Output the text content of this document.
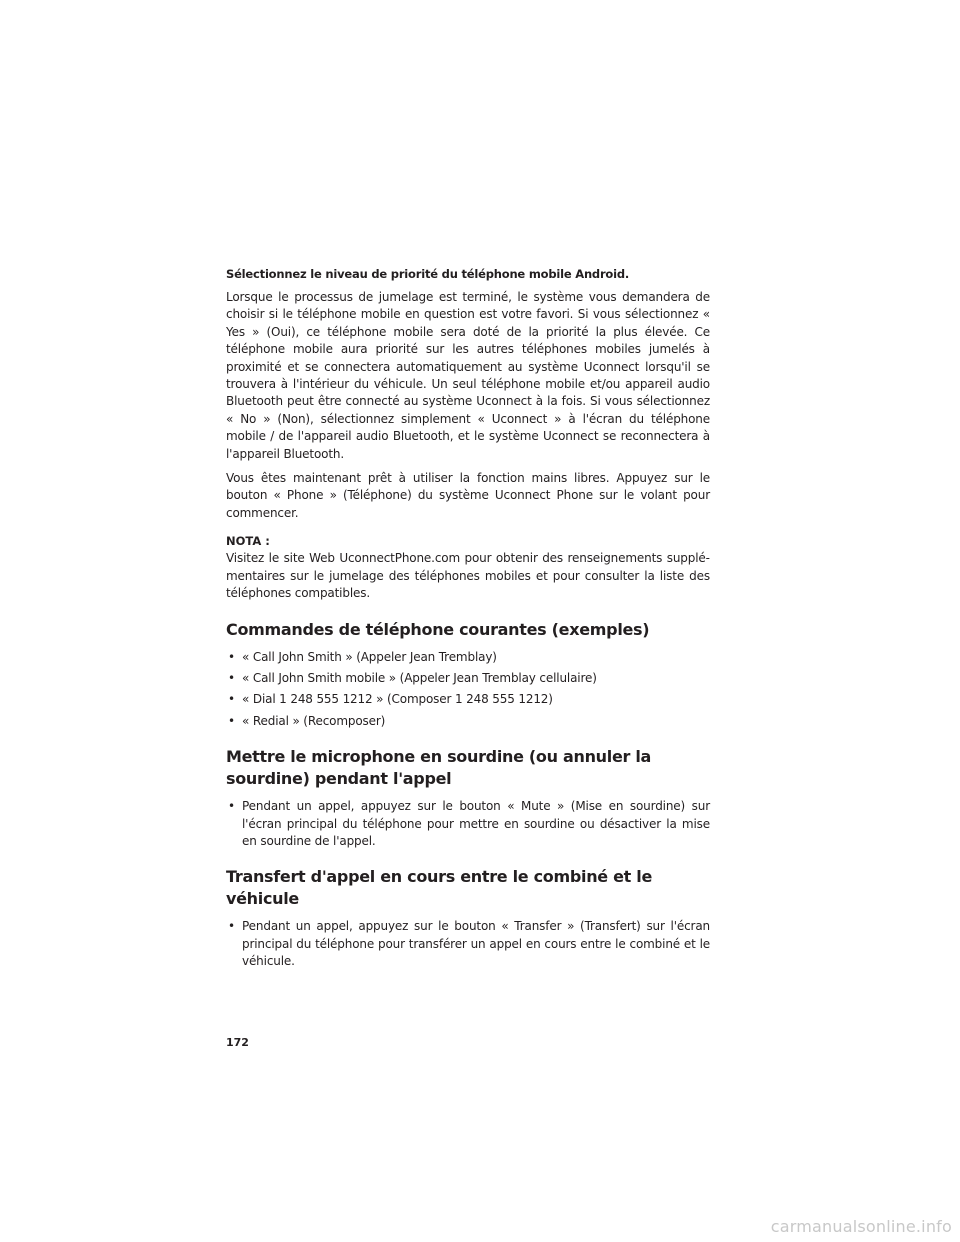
Sélectionnez le niveau de priorité du téléphone mobile Android.

Lorsque le processus de jumelage est terminé, le système vous demandera de choisir si le téléphone mobile en question est votre favori. Si vous sélectionnez « Yes » (Oui), ce téléphone mobile sera doté de la priorité la plus élevée. Ce téléphone mobile aura priorité sur les autres téléphones mobiles jumelés à proximité et se connectera automatiquement au système Uconnect lorsqu'il se trouvera à l'intérieur du véhicule. Un seul téléphone mobile et/ou appareil audio Bluetooth peut être connecté au système Uconnect à la fois. Si vous sélectionnez « No » (Non), sélectionnez simplement « Uconnect » à l'écran du téléphone mobile / de l'appareil audio Bluetooth, et le système Uconnect se reconnectera à l'appareil Bluetooth.

Vous êtes maintenant prêt à utiliser la fonction mains libres. Appuyez sur le bouton « Phone » (Téléphone) du système Uconnect Phone sur le volant pour commencer.

NOTA :

Visitez le site Web UconnectPhone.com pour obtenir des renseignements supplémentaires sur le jumelage des téléphones mobiles et pour consulter la liste des téléphones compatibles.

Commandes de téléphone courantes (exemples)
• « Call John Smith » (Appeler Jean Tremblay)
• « Call John Smith mobile » (Appeler Jean Tremblay cellulaire)
• « Dial 1 248 555 1212 » (Composer 1 248 555 1212)
• « Redial » (Recomposer)
Mettre le microphone en sourdine (ou annuler la sourdine) pendant l'appel
• Pendant un appel, appuyez sur le bouton « Mute » (Mise en sourdine) sur l'écran principal du téléphone pour mettre en sourdine ou désactiver la mise en sourdine de l'appel.
Transfert d'appel en cours entre le combiné et le véhicule
• Pendant un appel, appuyez sur le bouton « Transfer » (Transfert) sur l'écran principal du téléphone pour transférer un appel en cours entre le combiné et le véhicule.
172
carmanualsonline.info
